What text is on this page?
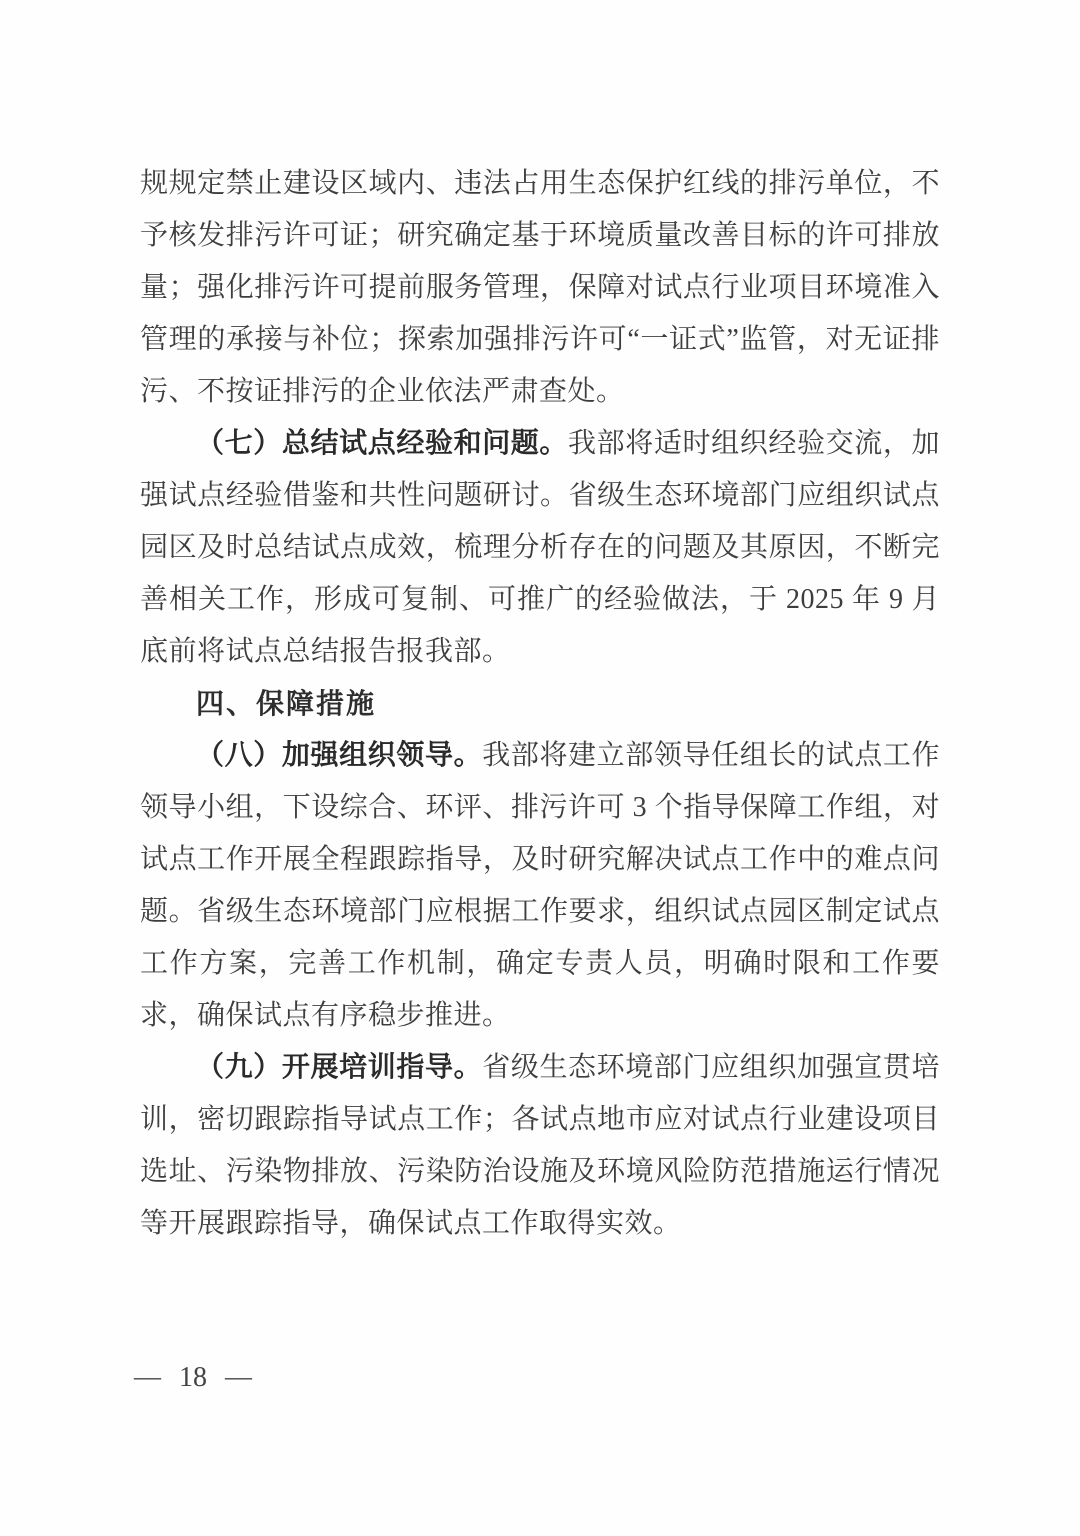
规规定禁止建设区域内、违法占用生态保护红线的排污单位，不予核发排污许可证；研究确定基于环境质量改善目标的许可排放量；强化排污许可提前服务管理，保障对试点行业项目环境准入管理的承接与补位；探索加强排污许可“一证式”监管，对无证排污、不按证排污的企业依法严肃查处。

（七）总结试点经验和问题。我部将适时组织经验交流，加强试点经验借鉴和共性问题研讨。省级生态环境部门应组织试点园区及时总结试点成效，梳理分析存在的问题及其原因，不断完善相关工作，形成可复制、可推广的经验做法，于 2025 年 9 月底前将试点总结报告报我部。

四、保障措施

（八）加强组织领导。我部将建立部领导任组长的试点工作领导小组，下设综合、环评、排污许可 3 个指导保障工作组，对试点工作开展全程跟踪指导，及时研究解决试点工作中的难点问题。省级生态环境部门应根据工作要求，组织试点园区制定试点工作方案，完善工作机制，确定专责人员，明确时限和工作要求，确保试点有序稳步推进。

（九）开展培训指导。省级生态环境部门应组织加强宣贯培训，密切跟踪指导试点工作；各试点地市应对试点行业建设项目选址、污染物排放、污染防治设施及环境风险防范措施运行情况等开展跟踪指导，确保试点工作取得实效。

— 18 —
